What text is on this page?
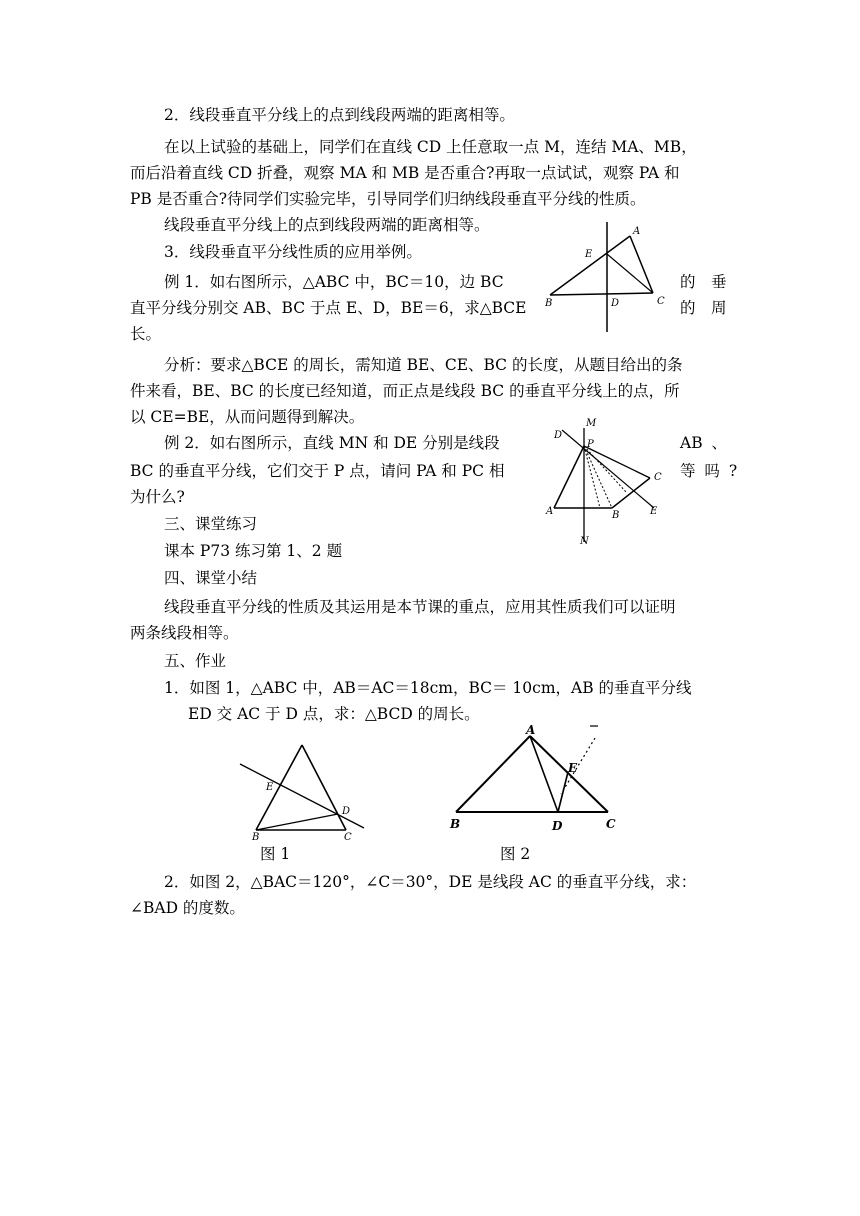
2．线段垂直平分线上的点到线段两端的距离相等。
在以上试验的基础上，同学们在直线 CD 上任意取一点 M，连结 MA、MB，
而后沿着直线 CD 折叠，观察 MA 和 MB 是否重合?再取一点试试，观察 PA 和
PB 是否重合?待同学们实验完毕，引导同学们归纳线段垂直平分线的性质。
线段垂直平分线上的点到线段两端的距离相等。
3．线段垂直平分线性质的应用举例。
例 1．如右图所示，△ABC 中，BC＝10，边 BC
直平分线分别交 AB、BC 于点 E、D，BE＝6，求△BCE
长。
的　垂
的　周
A
E
B	D	C
分析：要求△BCE 的周长，需知道 BE、CE、BC 的长度，从题目给出的条
件来看，BE、BC 的长度已经知道，而正点是线段 BC 的垂直平分线上的点，所
以 CE=BE，从而问题得到解决。
例 2．如右图所示，直线 MN 和 DE 分别是线段
BC 的垂直平分线，它们交于 P 点，请问 PA 和 PC 相
为什么?
AB 、
等 吗 ?
M
D
P
C
A	B	E
N
三、课堂练习
课本 P73 练习第 1、2 题
四、课堂小结
线段垂直平分线的性质及其运用是本节课的重点，应用其性质我们可以证明
两条线段相等。
五、作业
1．如图 1，△ABC 中，AB＝AC＝18cm，BC＝ 10cm，AB 的垂直平分线
ED 交 AC 于 D 点，求：△BCD 的周长。
E
D
B	C
图 1
A
E
B	D	C
图 2
2．如图 2，△BAC＝120°，∠C＝30°，DE 是线段 AC 的垂直平分线，求：
∠BAD 的度数。
